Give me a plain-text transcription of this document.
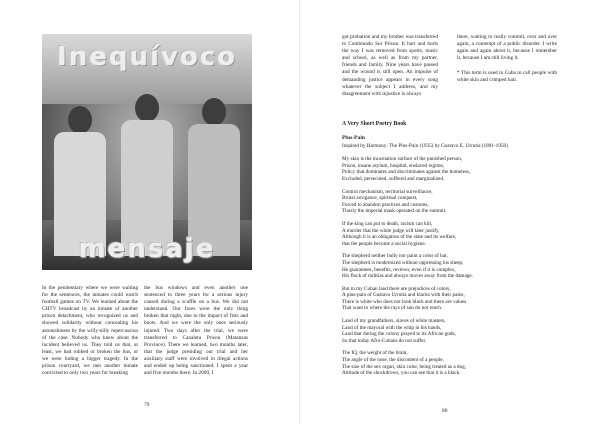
Inequívoco
mensaje

In the penitentiary where we were waiting for the sentences, the inmates could watch football games on TV. We learned about the CHTV broadcast by an inmate of another prison detachment, who recognized us and showed solidarity without concealing his astonishment by the willy-nilly repercussion of the case. Nobody who knew about the incident believed us. They told us that, at least, we had robbed or broken the bus, or we were hiding a bigger tragedy. In the prison courtyard, we met another inmate convicted to only two years for breaking

the bus windows and even another one sentenced to three years for a serious injury caused during a scuffle on a bus. We did not understand. Our faces were the only thing broken that night, due to the impact of fists and boots. And we were the only ones seriously injured. Two days after the trial, we were transferred to Canaleta Prison (Matanzas Province). There we learned, two months later, that the judge presiding our trial and her auxiliary staff were involved in illegal actions and ended up being sanctioned. I spent a year and five months there. In 2009, I

79

got probation and my brother was transferred to Combinado Sur Prison. It hurt and hurts the way I was removed from sports, music and school, as well as from my partner, friends and family. Nine years have passed and the wound is still open. An impulse of demanding justice appears in every song whatever the subject I address, and my disagreement with injustice is always

there, waiting to really commit, over and over again, a contempt of a public disorder. I write again and again about it, because I remember it, because I am still living it.

* This term is used in Cuba to call people with white skin and crimped hair.

A Very Short Poetry Book
Plus-Pain
Inspired by Harmony: The Plus-Pain (1935) by Gustavo E. Urrutia (1881-1958)
My skin is the incarnation surface of the punished person,
Prison, insane asylum, hospital, enslaved regime,
Policy that dominates and discriminates against the homeless,
Excluded, persecuted, suffered and marginalized.
Control mechanism, territorial surveillance,
Brutal arrogance, spiritual conquest,
Forced to abandon practices and customs,
Thusly the imperial mask operated on the summit.
If the king can put to death, racism can kill,
A murder that the white judge will later justify,
Although it is an obligation of the state and its welfare,
that the people become a social hygiene.
The shepherd neither bully nor paint a color of bar,
The shepherd is modernized without oppressing his sheep,
He guarantees, benefits, reviews, even if it is complex,
His flock of militias and always moves away from the damage.
But in my Cuban land there are prejudices of colors,
A plus-pain of Gustavo Urrutia and blacks with their pains,
There is white who does not look black and there are values
That want to where the rays of sun do not reach.
Land of my grandfathers, slaves of white masters,
Land of the mayoral with the whip in his hands,
Land that during the colony prayed to its African gods,
So that today Afro-Cubans do not suffer.
The IQ, the weight of the brain,
The angle of the nose, the discontent of a people,
The size of the sex organ, skin color, being treated as a dog,
Attitude of the shockdrows, you can see that it is a black.
80
